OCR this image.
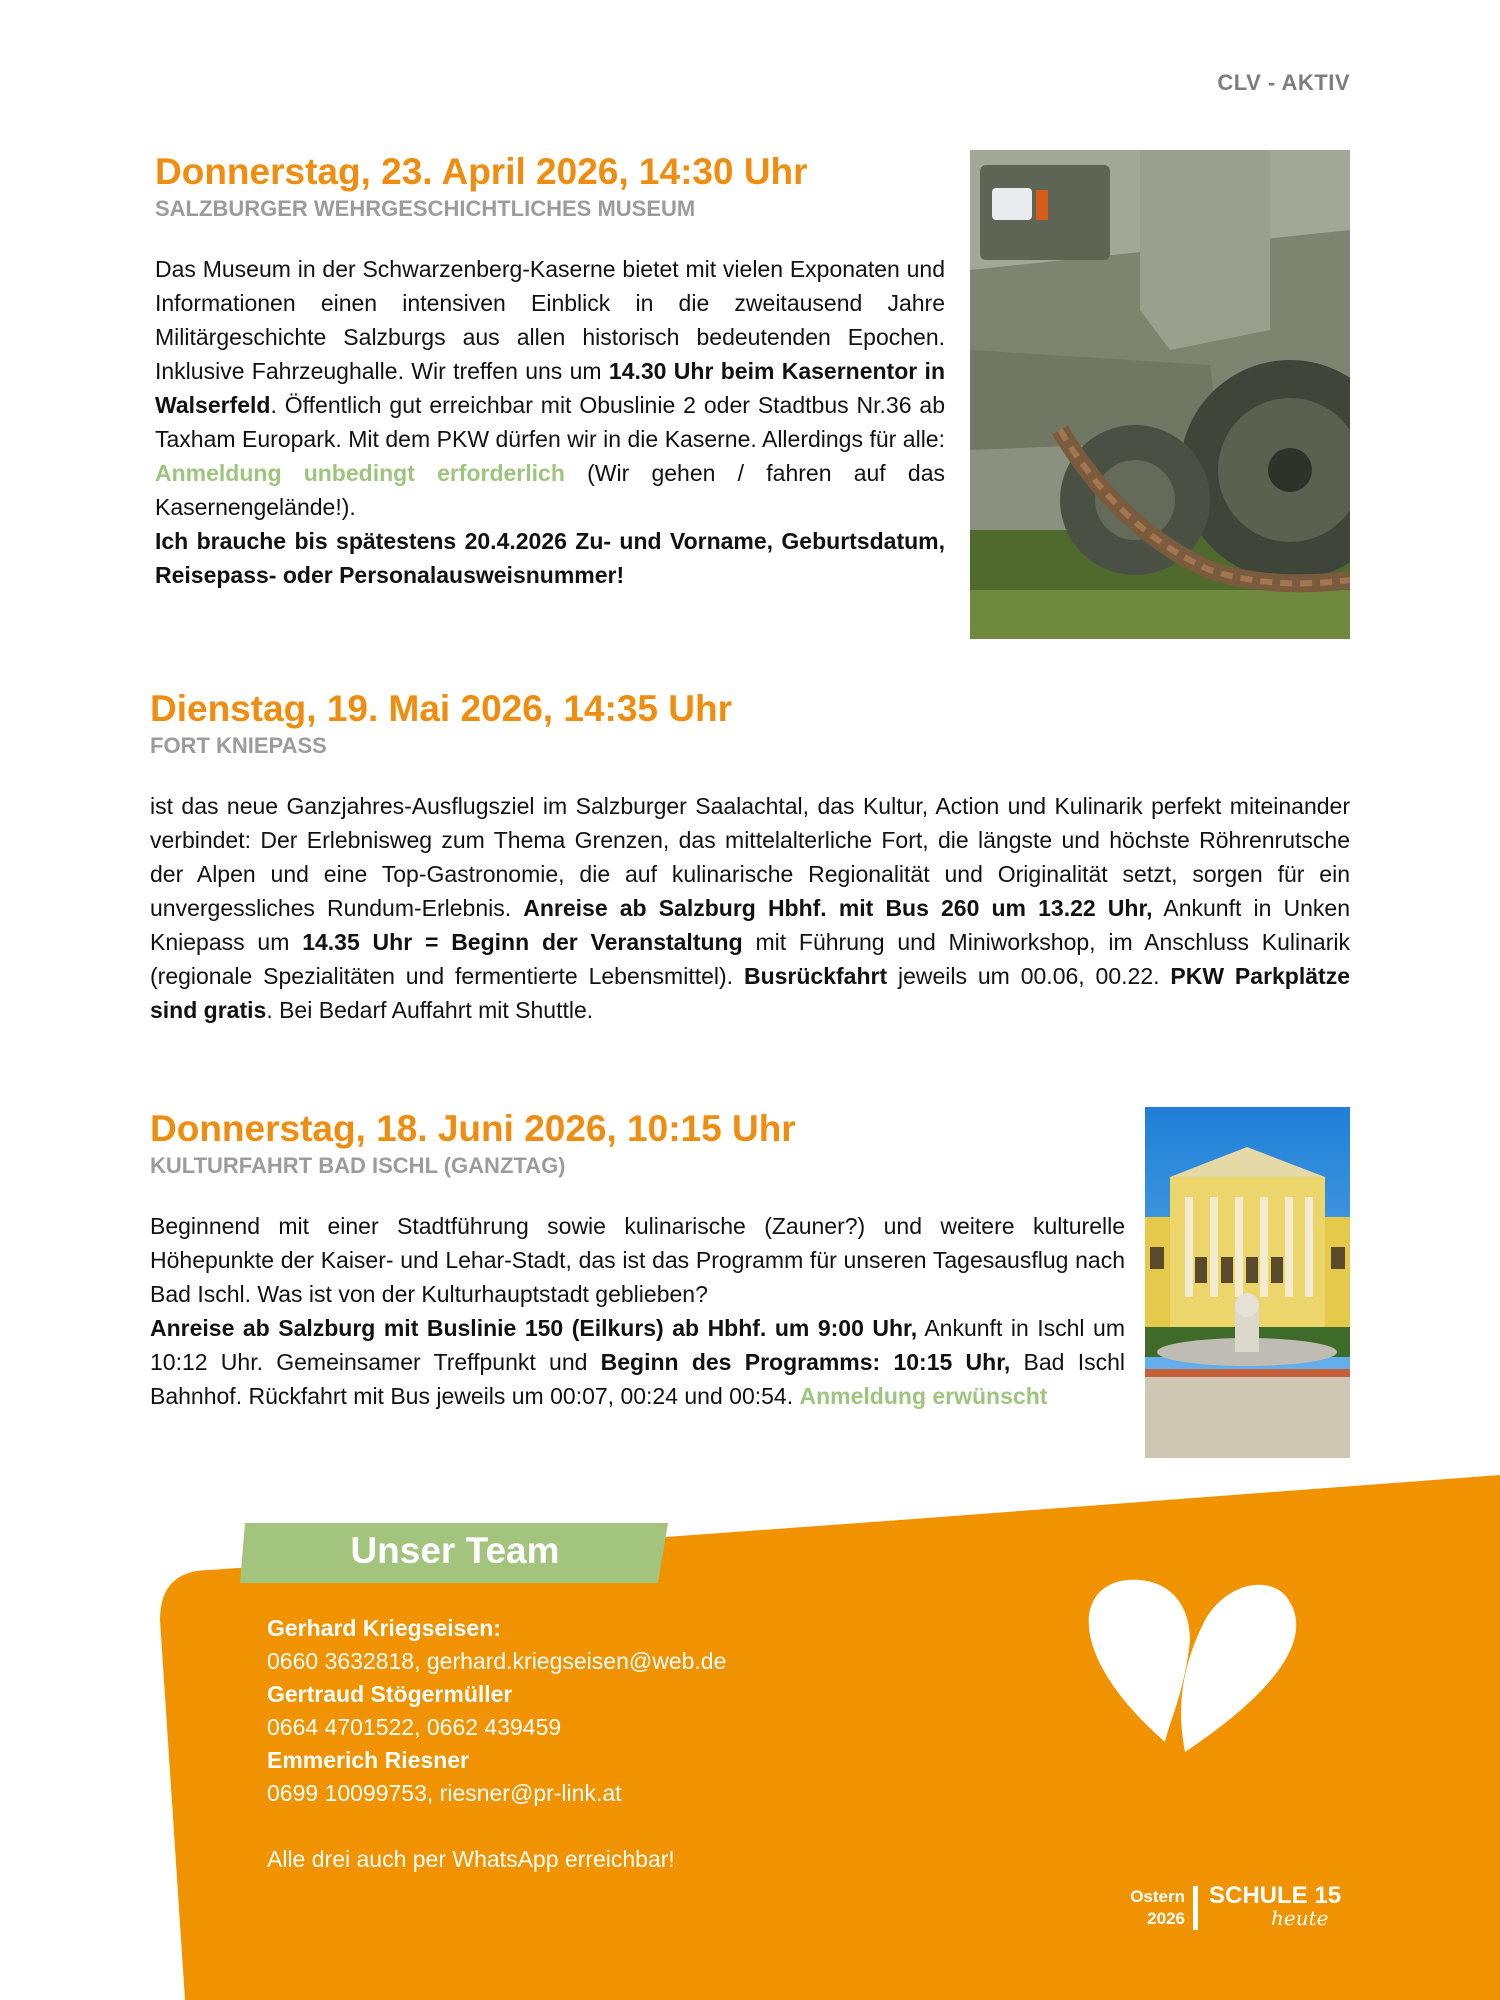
CLV - AKTIV
Donnerstag, 23. April 2026, 14:30 Uhr
SALZBURGER WEHRGESCHICHTLICHES MUSEUM

Das Museum in der Schwarzenberg-Kaserne bietet mit vielen Exponaten und Informationen einen intensiven Einblick in die zweitausend Jahre Militärgeschichte Salzburgs aus allen historisch bedeutenden Epochen. Inklusive Fahrzeughalle. Wir treffen uns um 14.30 Uhr beim Kasernentor in Walserfeld. Öffentlich gut erreichbar mit Obuslinie 2 oder Stadtbus Nr.36 ab Taxham Europark. Mit dem PKW dürfen wir in die Kaserne. Allerdings für alle: Anmeldung unbedingt erforderlich (Wir gehen / fahren auf das Kasernengelände!).
Ich brauche bis spätestens 20.4.2026 Zu- und Vorname, Geburtsdatum, Reisepass- oder Personalausweisnummer!

Dienstag, 19. Mai 2026, 14:35 Uhr
FORT KNIEPASS

ist das neue Ganzjahres-Ausflugsziel im Salzburger Saalachtal, das Kultur, Action und Kulinarik perfekt miteinander verbindet: Der Erlebnisweg zum Thema Grenzen, das mittelalterliche Fort, die längste und höchste Röhrenrutsche der Alpen und eine Top-Gastronomie, die auf kulinarische Regionalität und Originalität setzt, sorgen für ein unvergessliches Rundum-Erlebnis. Anreise ab Salzburg Hbhf. mit Bus 260 um 13.22 Uhr, Ankunft in Unken Kniepass um 14.35 Uhr = Beginn der Veranstaltung mit Führung und Miniworkshop, im Anschluss Kulinarik (regionale Spezialitäten und fermentierte Lebensmittel). Busrückfahrt jeweils um 00.06, 00.22. PKW Parkplätze sind gratis. Bei Bedarf Auffahrt mit Shuttle.

Donnerstag, 18. Juni 2026, 10:15 Uhr
KULTURFAHRT BAD ISCHL (GANZTAG)

Beginnend mit einer Stadtführung sowie kulinarische (Zauner?) und weitere kulturelle Höhepunkte der Kaiser- und Lehar-Stadt, das ist das Programm für unseren Tagesausflug nach Bad Ischl. Was ist von der Kulturhauptstadt geblieben?
Anreise ab Salzburg mit Buslinie 150 (Eilkurs) ab Hbhf. um 9:00 Uhr, Ankunft in Ischl um 10:12 Uhr. Gemeinsamer Treffpunkt und Beginn des Programms: 10:15 Uhr, Bad Ischl Bahnhof. Rückfahrt mit Bus jeweils um 00:07, 00:24 und 00:54. Anmeldung erwünscht

Unser Team
Gerhard Kriegseisen:
0660 3632818, gerhard.kriegseisen@web.de
Gertraud Stögermüller
0664 4701522, 0662 439459
Emmerich Riesner
0699 10099753, riesner@pr-link.at
Alle drei auch per WhatsApp erreichbar!
Ostern
2026
SCHULE 15
heute
